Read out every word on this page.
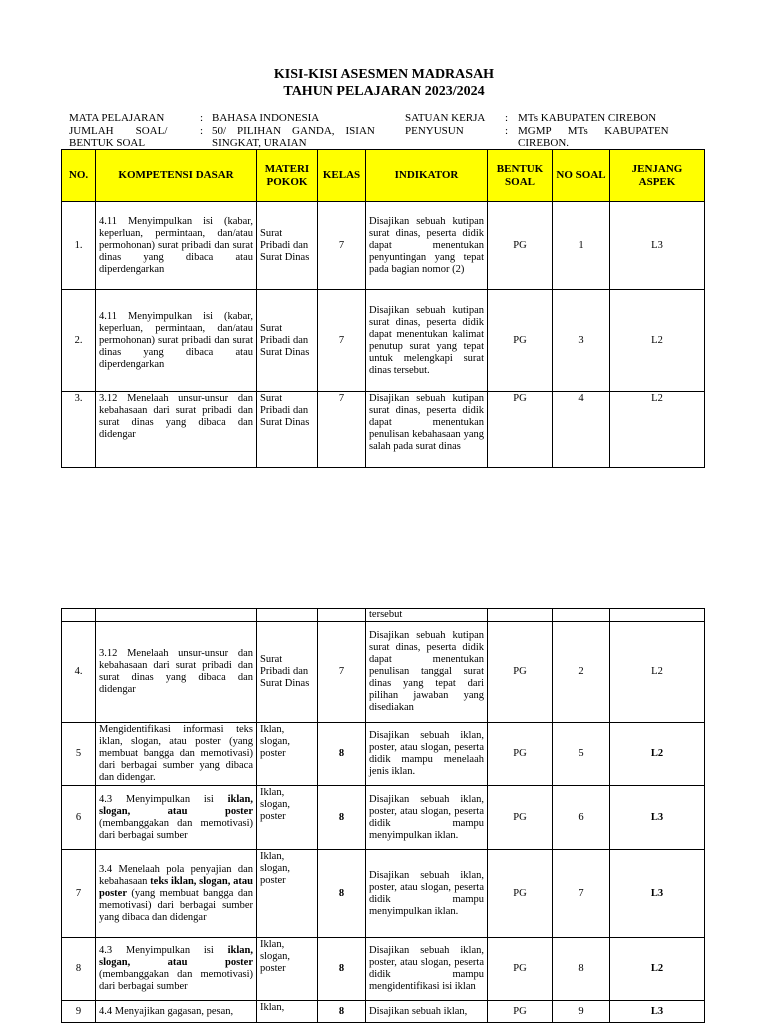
KISI-KISI ASESMEN MADRASAH
TAHUN PELAJARAN 2023/2024
MATA PELAJARAN	: BAHASA INDONESIA	SATUAN KERJA : MTs KABUPATEN CIREBON
JUMLAH        SOAL/	: 50/    PILIHAN    GANDA,    ISIAN	PENYUSUN	: MGMP      MTs      KABUPATEN
BENTUK SOAL	SINGKAT, URAIAN	CIREBON.
NO.	KOMPETENSI DASAR	MATERI POKOK	KELAS	INDIKATOR	BENTUK SOAL	NO SOAL	JENJANG ASPEK
1.	4.11 Menyimpulkan isi (kabar, keperluan, permintaan, dan/atau permohonan) surat pribadi dan surat dinas yang dibaca atau diperdengarkan	Surat Pribadi dan Surat Dinas	7	Disajikan sebuah kutipan surat dinas, peserta didik dapat menentukan penyuntingan yang tepat pada bagian nomor (2)	PG	1	L3
2.	4.11 Menyimpulkan isi (kabar, keperluan, permintaan, dan/atau permohonan) surat pribadi dan surat dinas yang dibaca atau diperdengarkan	Surat Pribadi dan Surat Dinas	7	Disajikan sebuah kutipan surat dinas, peserta didik dapat menentukan kalimat penutup surat yang tepat untuk melengkapi surat dinas tersebut.	PG	3	L2
3.	3.12 Menelaah unsur-unsur dan kebahasaan dari surat pribadi dan surat dinas yang dibaca dan didengar	Surat Pribadi dan Surat Dinas	7	Disajikan sebuah kutipan surat dinas, peserta didik dapat menentukan penulisan kebahasaan yang salah pada surat dinas	PG	4	L2
				tersebut			
4.	3.12 Menelaah unsur-unsur dan kebahasaan dari surat pribadi dan surat dinas yang dibaca dan didengar	Surat Pribadi dan Surat Dinas	7	Disajikan sebuah kutipan surat dinas, peserta didik dapat menentukan penulisan tanggal surat dinas yang tepat dari pilihan jawaban yang disediakan	PG	2	L2
5	Mengidentifikasi informasi teks iklan, slogan, atau poster (yang membuat bangga dan memotivasi) dari berbagai sumber yang dibaca dan didengar.	Iklan, slogan, poster	8	Disajikan sebuah iklan, poster, atau slogan, peserta didik mampu menelaah jenis iklan.	PG	5	L2
6	4.3 Menyimpulkan isi iklan, slogan, atau poster (membanggakan dan memotivasi) dari berbagai sumber	Iklan, slogan, poster	8	Disajikan sebuah iklan, poster, atau slogan, peserta didik mampu menyimpulkan iklan.	PG	6	L3
7	3.4 Menelaah pola penyajian dan kebahasaan teks iklan, slogan, atau poster (yang membuat bangga dan memotivasi) dari berbagai sumber yang dibaca dan didengar	Iklan, slogan, poster	8	Disajikan sebuah iklan, poster, atau slogan, peserta didik mampu menyimpulkan iklan.	PG	7	L3
8	4.3 Menyimpulkan isi iklan, slogan, atau poster (membanggakan dan memotivasi) dari berbagai sumber	Iklan, slogan, poster	8	Disajikan sebuah iklan, poster, atau slogan, peserta didik mampu mengidentifikasi isi iklan	PG	8	L2
9	4.4 Menyajikan gagasan, pesan,	Iklan,	8	Disajikan sebuah iklan,	PG	9	L3
